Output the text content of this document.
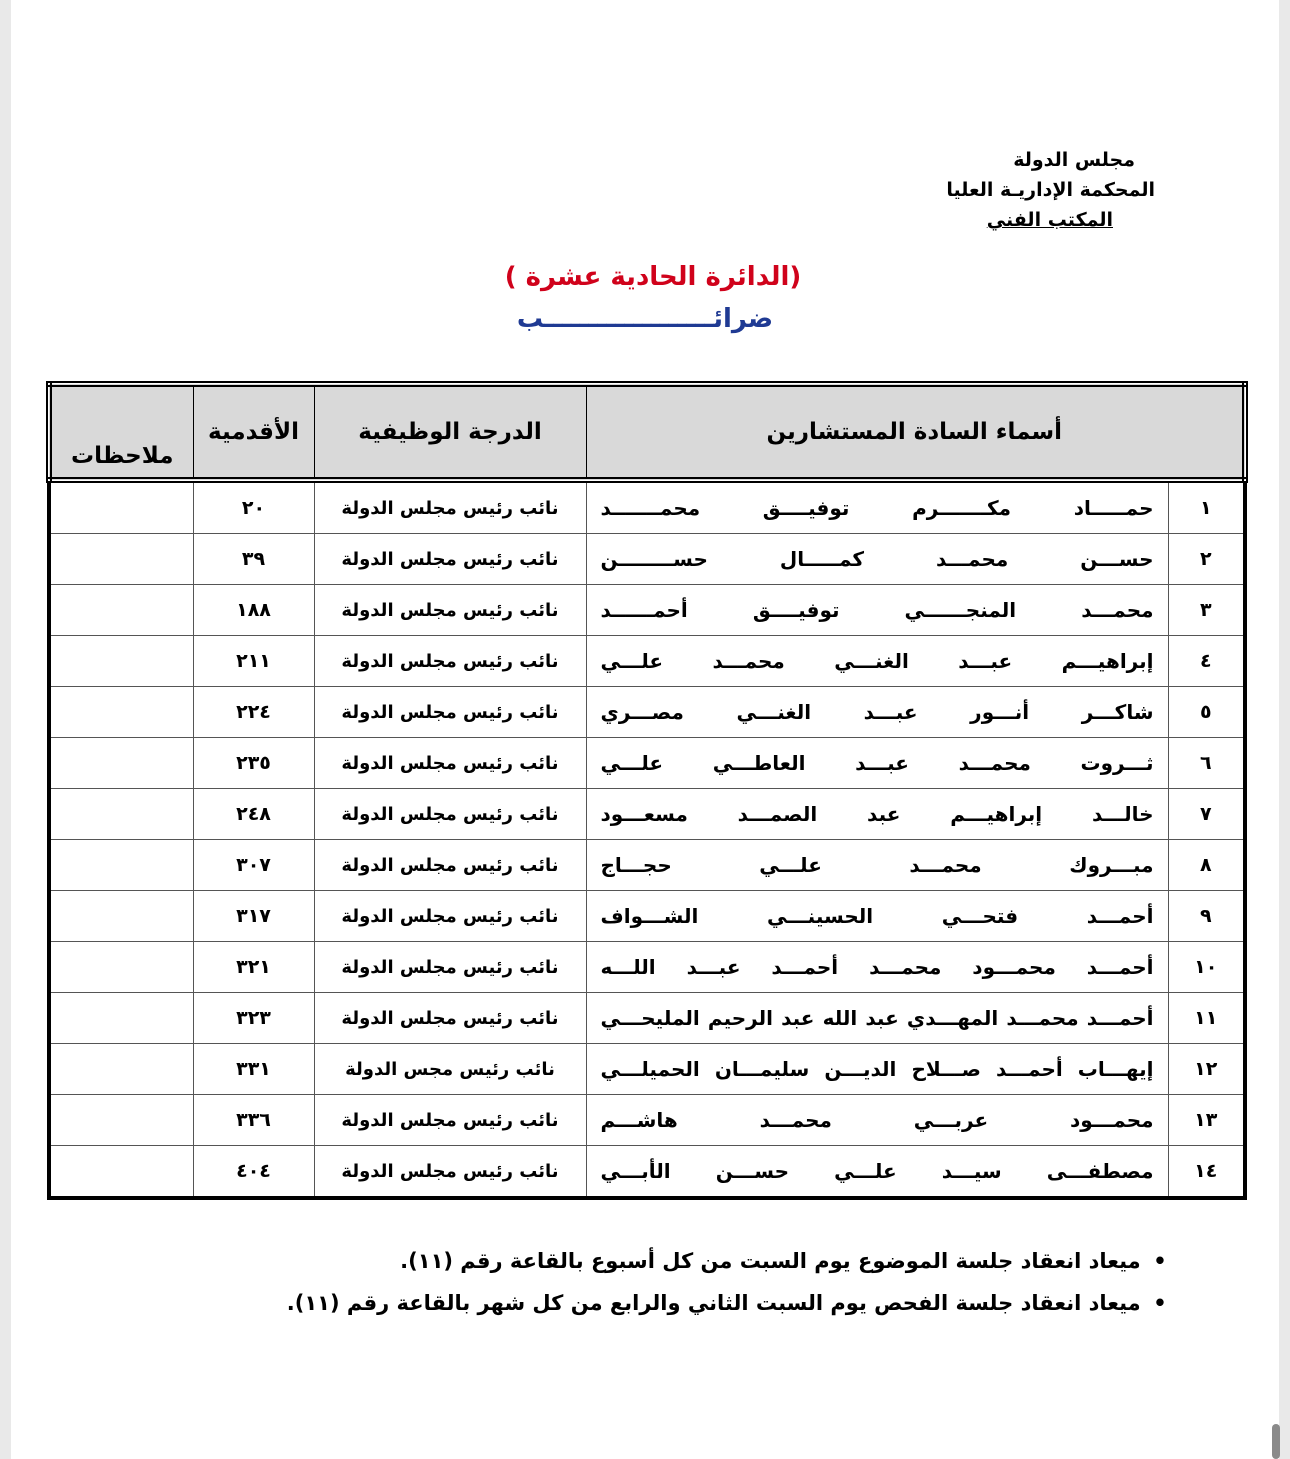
مجلس الدولة
المحكمة الإداريـة العليا
المكتب الفني
(الدائرة الحادية عشرة )
ضرائـــــــــــــــــــب
أسماء السادة المستشارين		الدرجة الوظيفية	الأقدمية	ملاحظات
١	حمـــــاد مكـــــــرم توفيــــق محمـــــــد	نائب رئيس مجلس الدولة	٢٠	
٢	حســـن محمـــد كمـــــال حســــــــن	نائب رئيس مجلس الدولة	٣٩	
٣	محمـــد المنجــــــي توفيــــق أحمــــــد	نائب رئيس مجلس الدولة	١٨٨	
٤	إبراهيـــم عبـــد الغنـــي محمـــد علـــي	نائب رئيس مجلس الدولة	٢١١	
٥	شاكـــر أنـــور عبـــد الغنـــي مصـــري	نائب رئيس مجلس الدولة	٢٢٤	
٦	ثـــروت محمـــد عبـــد العاطـــي علـــي	نائب رئيس مجلس الدولة	٢٣٥	
٧	خالـــد إبراهيـــم عبد الصمـــد مسعـــود	نائب رئيس مجلس الدولة	٢٤٨	
٨	مبـــروك محمـــد علـــي حجـــاج	نائب رئيس مجلس الدولة	٣٠٧	
٩	أحمـــد فتحـــي الحسينـــي الشـــواف	نائب رئيس مجلس الدولة	٣١٧	
١٠	أحمـــد محمـــود محمـــد أحمـــد عبـــد اللـــه	نائب رئيس مجلس الدولة	٣٢١	
١١	أحمـــد محمـــد المهـــدي عبد الله عبد الرحيم المليحـــي	نائب رئيس مجلس الدولة	٣٢٣	
١٢	إيهـــاب أحمـــد صـــلاح الديـــن سليمـــان الحميلـــي	نائب رئيس مجس الدولة	٣٣١	
١٣	محمـــود عربـــي محمـــد هاشـــم	نائب رئيس مجلس الدولة	٣٣٦	
١٤	مصطفـــى سيـــد علـــي حســـن الأبـــي	نائب رئيس مجلس الدولة	٤٠٤	
• ميعاد انعقاد جلسة الموضوع يوم السبت من كل أسبوع بالقاعة رقم (١١).
• ميعاد انعقاد جلسة الفحص يوم السبت الثاني والرابع من كل شهر بالقاعة رقم (١١).
